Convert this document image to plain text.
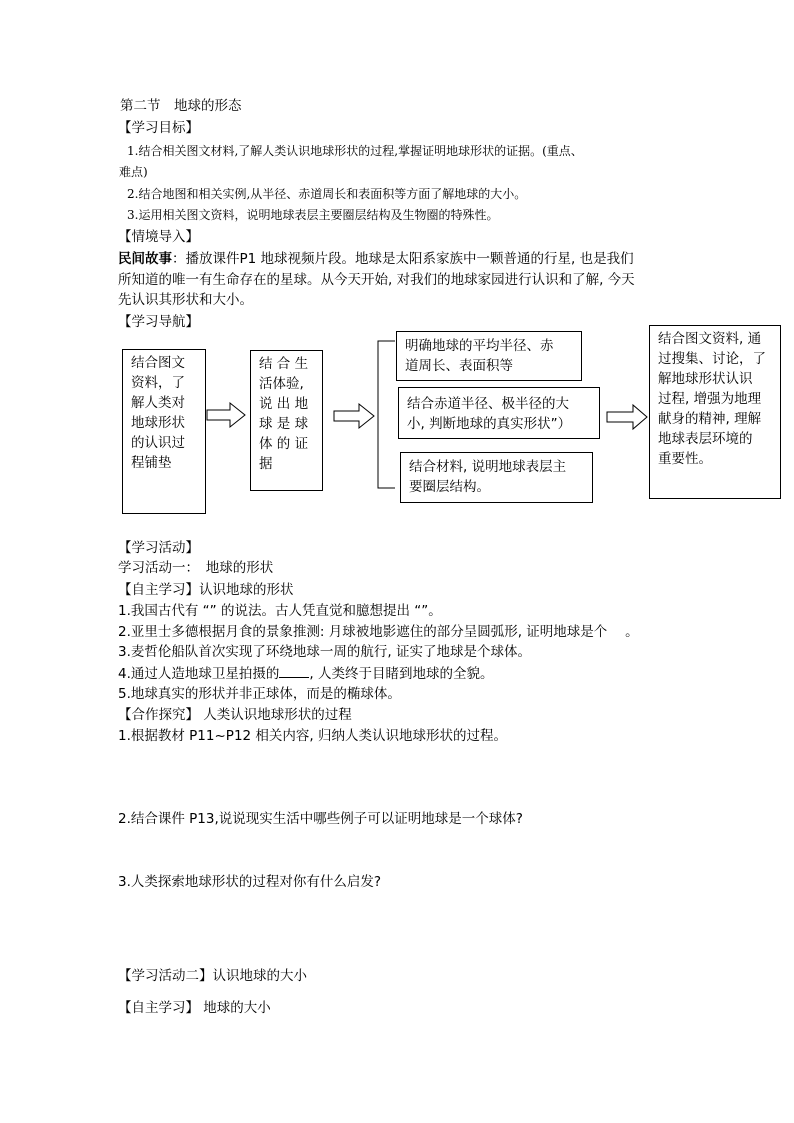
第二节　地球的形态
【学习目标】
1.结合相关图文材料,了解人类认识地球形状的过程,掌握证明地球形状的证据。(重点、
难点)
2.结合地图和相关实例,从半径、赤道周长和表面积等方面了解地球的大小。
3.运用相关图文资料，说明地球表层主要圈层结构及生物圈的特殊性。
【情境导入】
民间故事：播放课件P1 地球视频片段。地球是太阳系家族中一颗普通的行星, 也是我们
所知道的唯一有生命存在的星球。从今天开始, 对我们的地球家园进行认识和了解, 今天
先认识其形状和大小。
【学习导航】
结合图文
资料，了
解人类对
地球形状
的认识过
程铺垫
结 合 生
活体验,
说 出 地
球 是 球
体 的 证
据
明确地球的平均半径、赤
道周长、表面积等
结合赤道半径、极半径的大
小, 判断地球的真实形状”）
结合材料, 说明地球表层主
要圈层结构。
结合图文资料, 通
过搜集、讨论，了
解地球形状认识
过程, 增强为地理
献身的精神, 理解
地球表层环境的
重要性。
【学习活动】
学习活动一：　地球的形状
【自主学习】认识地球的形状
1.我国古代有 “” 的说法。古人凭直觉和臆想提出 “”。
2.亚里士多德根据月食的景象推测: 月球被地影遮住的部分呈圆弧形, 证明地球是个　 。
3.麦哲伦船队首次实现了环绕地球一周的航行, 证实了地球是个球体。
4.通过人造地球卫星拍摄的 , 人类终于目睹到地球的全貌。
5.地球真实的形状并非正球体，而是的椭球体。
【合作探究】 人类认识地球形状的过程
1.根据教材 P11~P12 相关内容, 归纳人类认识地球形状的过程。
2.结合课件 P13,说说现实生活中哪些例子可以证明地球是一个球体?
3.人类探索地球形状的过程对你有什么启发?
【学习活动二】认识地球的大小
【自主学习】 地球的大小
